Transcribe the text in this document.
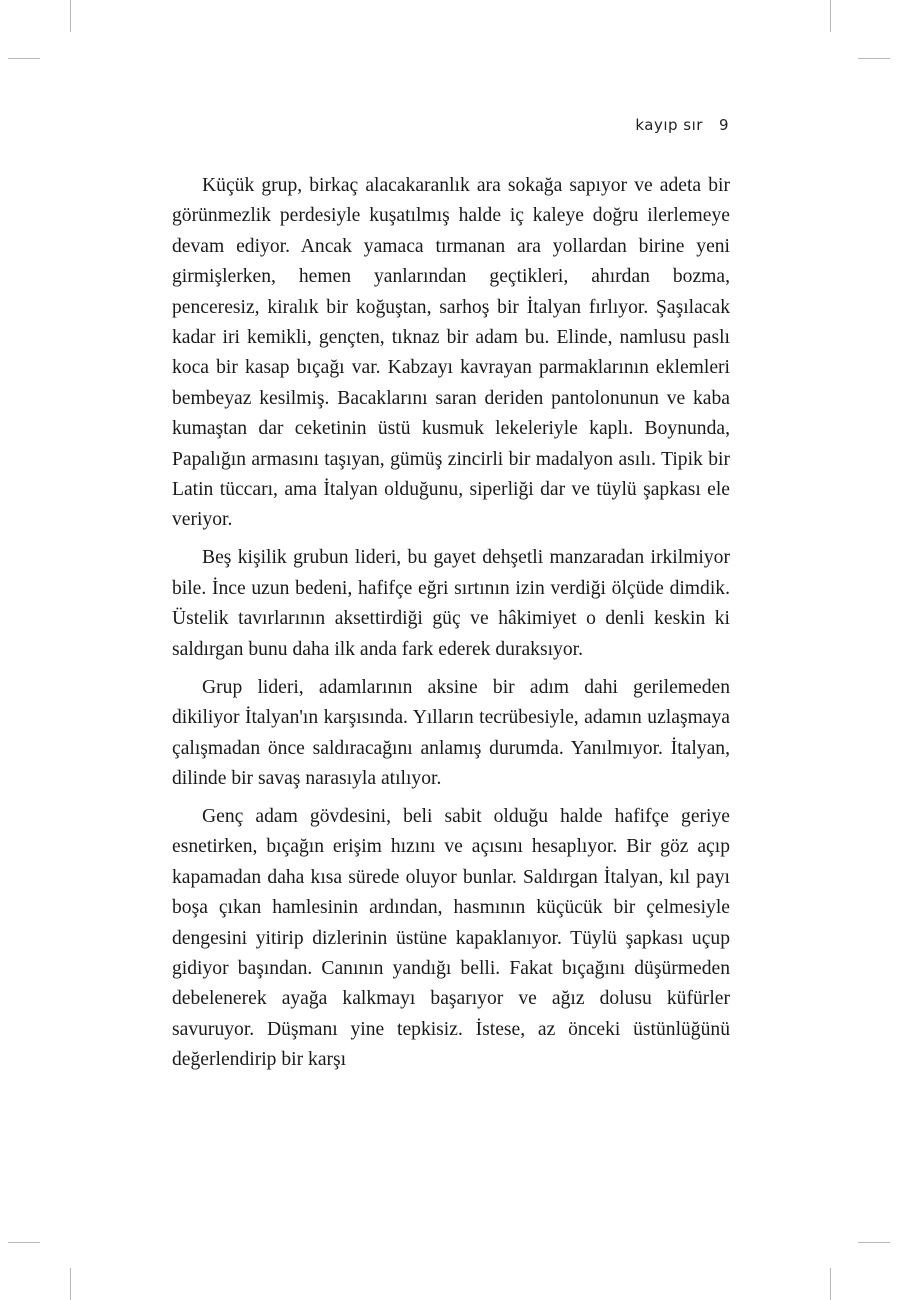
kayıp sır 9

Küçük grup, birkaç alacakaranlık ara sokağa sapıyor ve adeta bir görünmezlik perdesiyle kuşatılmış halde iç kaleye doğru ilerlemeye devam ediyor. Ancak yamaca tırmanan ara yollardan birine yeni girmişlerken, hemen yanlarından geçtikleri, ahırdan bozma, penceresiz, kiralık bir koğuştan, sarhoş bir İtalyan fırlıyor. Şaşılacak kadar iri kemikli, gençten, tıknaz bir adam bu. Elinde, namlusu paslı koca bir kasap bıçağı var. Kabzayı kavrayan parmaklarının eklemleri bembeyaz kesilmiş. Bacaklarını saran deriden pantolonunun ve kaba kumaştan dar ceketinin üstü kusmuk lekeleriyle kaplı. Boynunda, Papalığın armasını taşıyan, gümüş zincirli bir madalyon asılı. Tipik bir Latin tüccarı, ama İtalyan olduğunu, siperliği dar ve tüylü şapkası ele veriyor.

Beş kişilik grubun lideri, bu gayet dehşetli manzaradan irkilmiyor bile. İnce uzun bedeni, hafifçe eğri sırtının izin verdiği ölçüde dimdik. Üstelik tavırlarının aksettirdiği güç ve hâkimiyet o denli keskin ki saldırgan bunu daha ilk anda fark ederek duraksıyor.

Grup lideri, adamlarının aksine bir adım dahi gerilemeden dikiliyor İtalyan'ın karşısında. Yılların tecrübesiyle, adamın uzlaşmaya çalışmadan önce saldıracağını anlamış durumda. Yanılmıyor. İtalyan, dilinde bir savaş narasıyla atılıyor.

Genç adam gövdesini, beli sabit olduğu halde hafifçe geriye esnetirken, bıçağın erişim hızını ve açısını hesaplıyor. Bir göz açıp kapamadan daha kısa sürede oluyor bunlar. Saldırgan İtalyan, kıl payı boşa çıkan hamlesinin ardından, hasmının küçücük bir çelmesiyle dengesini yitirip dizlerinin üstüne kapaklanıyor. Tüylü şapkası uçup gidiyor başından. Canının yandığı belli. Fakat bıçağını düşürmeden debelenerek ayağa kalkmayı başarıyor ve ağız dolusu küfürler savuruyor. Düşmanı yine tepkisiz. İstese, az önceki üstünlüğünü değerlendirip bir karşı
